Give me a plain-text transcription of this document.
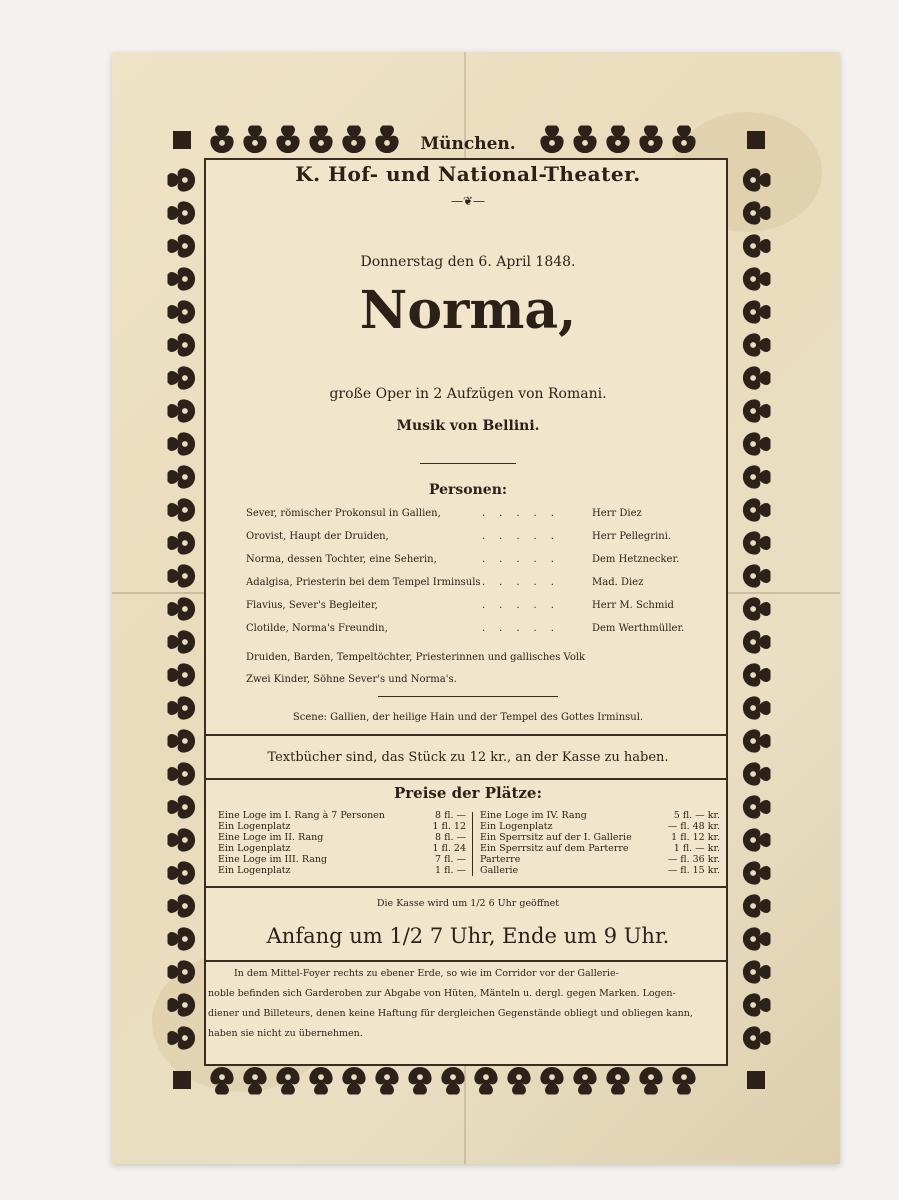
München.
K. Hof- und National-Theater.
—❦—
Donnerstag den 6. April 1848.
Norma,
große Oper in 2 Aufzügen von Romani.
Musik von Bellini.
Personen:
Sever, römischer Prokonsul in Gallien,	..... Herr Diez
Orovist, Haupt der Druiden,	..... Herr Pellegrini.
Norma, dessen Tochter, eine Seherin,	..... Dem Hetznecker.
Adalgisa, Priesterin bei dem Tempel Irminsuls ..... Mad. Diez
Flavius, Sever's Begleiter,	..... Herr M. Schmid
Clotilde, Norma's Freundin,	..... Dem Werthmüller.
Druiden, Barden, Tempeltöchter, Priesterinnen und gallisches Volk
Zwei Kinder, Söhne Sever's und Norma's.
Scene: Gallien, der heilige Hain und der Tempel des Gottes Irminsul.
Textbücher sind, das Stück zu 12 kr., an der Kasse zu haben.
Preise der Plätze:
Eine Loge im I. Rang à 7 Personen	8 fl. —
Ein Logenplatz	1 fl. 12
Eine Loge im II. Rang	8 fl. —
Ein Logenplatz	1 fl. 24
Eine Loge im III. Rang	7 fl. —
Ein Logenplatz	1 fl. —
Eine Loge im IV. Rang	5 fl. — kr.
Ein Logenplatz	— fl. 48 kr.
Ein Sperrsitz auf der I. Gallerie	1 fl. 12 kr.
Ein Sperrsitz auf dem Parterre	1 fl. — kr.
Parterre	— fl. 36 kr.
Gallerie	— fl. 15 kr.
Die Kasse wird um 1/2 6 Uhr geöffnet
Anfang um 1/2 7 Uhr, Ende um 9 Uhr.
In dem Mittel-Foyer rechts zu ebener Erde, so wie im Corridor vor der Gallerie-
noble befinden sich Garderoben zur Abgabe von Hüten, Mänteln u. dergl. gegen Marken. Logen-
diener und Billeteurs, denen keine Haftung für dergleichen Gegenstände obliegt und obliegen kann,
haben sie nicht zu übernehmen.
